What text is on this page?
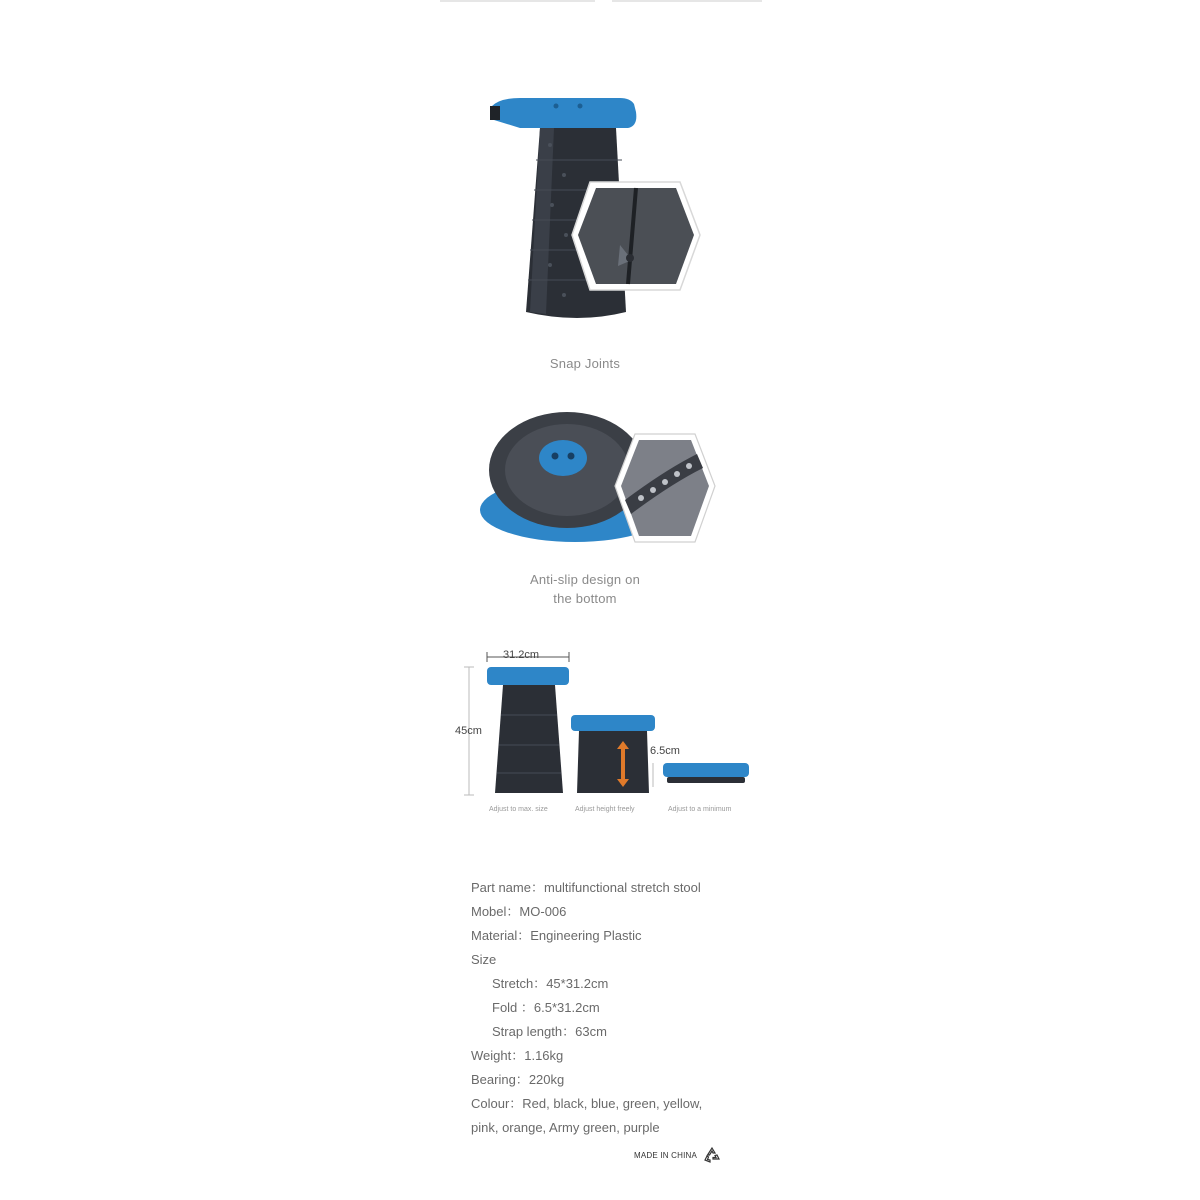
Snap Joints
Anti-slip design on
the bottom
31.2cm
45cm
6.5cm
Adjust to max. size	Adjust height freely	Adjust to a minimum
Part name：multifunctional stretch stool
Mobel：MO-006
Material：Engineering Plastic
Size
Stretch：45*31.2cm
Fold ：6.5*31.2cm
Strap length：63cm
Weight：1.16kg
Bearing：220kg
Colour：Red, black, blue, green, yellow,
pink, orange, Army green, purple
MADE IN CHINA
